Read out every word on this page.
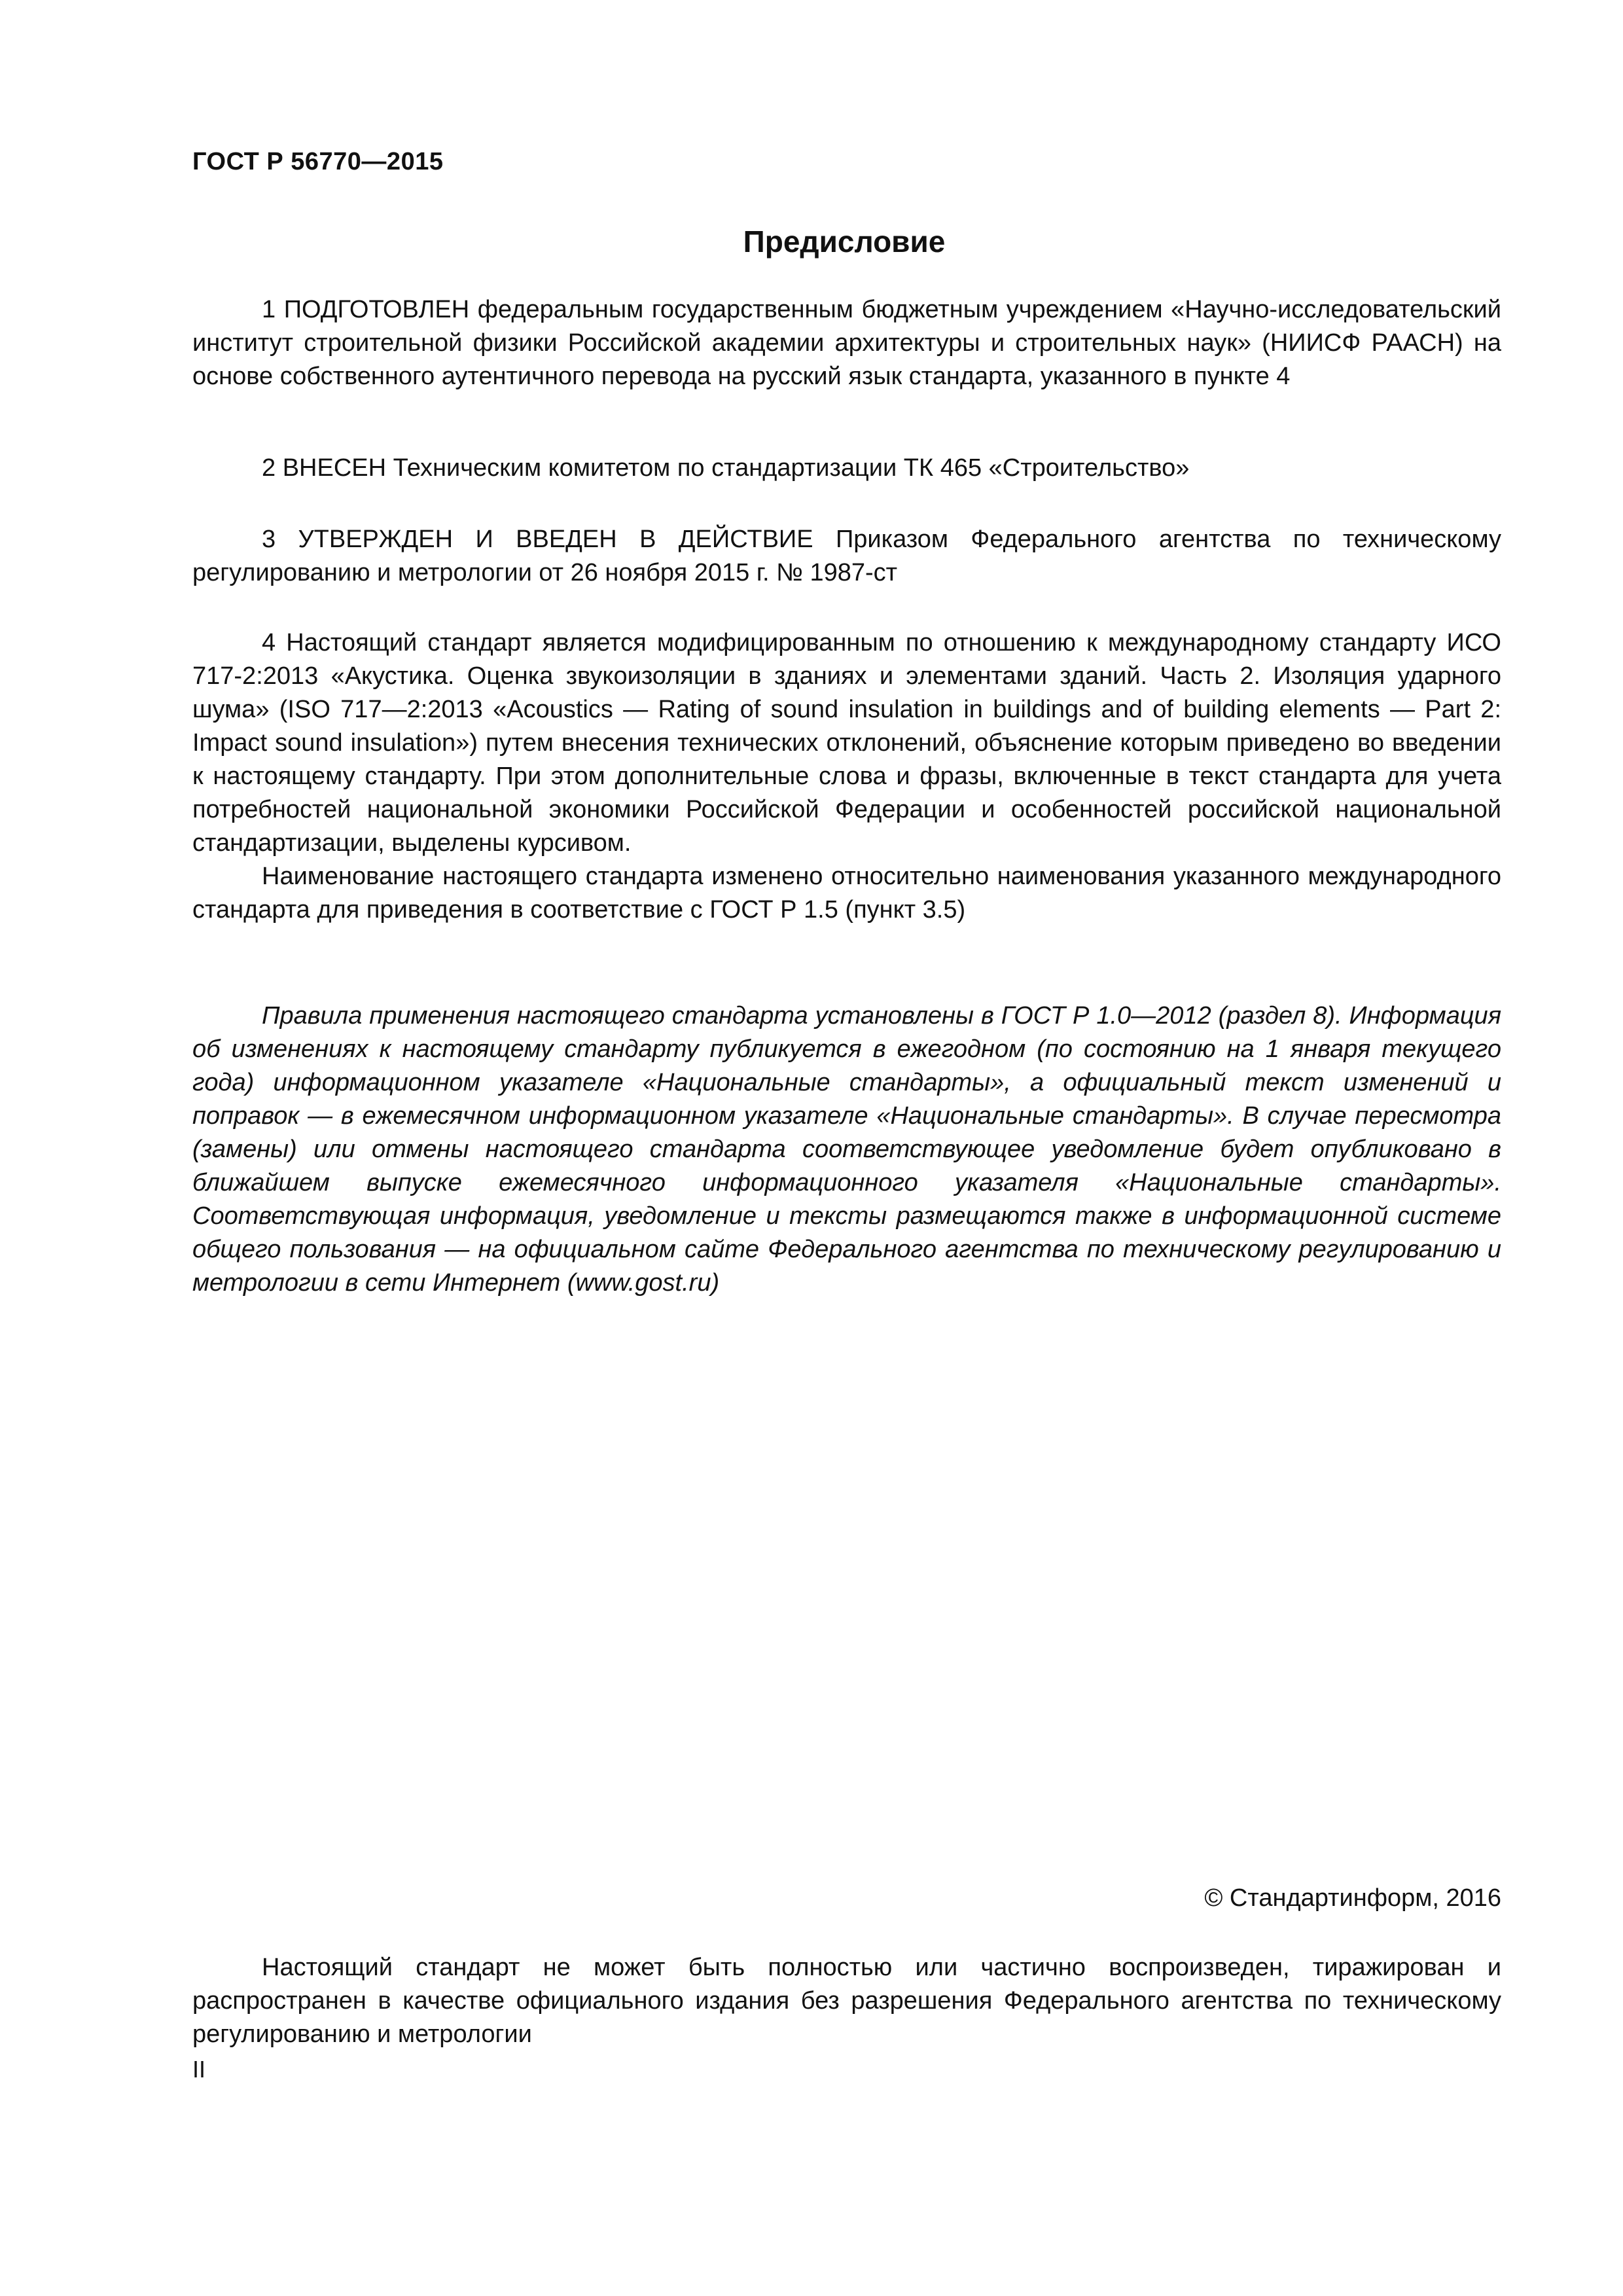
ГОСТ Р 56770—2015
Предисловие

1 ПОДГОТОВЛЕН федеральным государственным бюджетным учреждением «Научно-исследовательский институт строительной физики Российской академии архитектуры и строительных наук» (НИИСФ РААСН) на основе собственного аутентичного перевода на русский язык стандарта, указанного в пункте 4

2 ВНЕСЕН Техническим комитетом по стандартизации ТК 465 «Строительство»

3 УТВЕРЖДЕН И ВВЕДЕН В ДЕЙСТВИЕ Приказом Федерального агентства по техническому регулированию и метрологии от 26 ноября 2015 г. № 1987-ст

4 Настоящий стандарт является модифицированным по отношению к международному стандарту ИСО 717-2:2013 «Акустика. Оценка звукоизоляции в зданиях и элементами зданий. Часть 2. Изоляция ударного шума» (ISO 717—2:2013 «Acoustics — Rating of sound insulation in buildings and of building elements — Part 2: Impact sound insulation») путем внесения технических отклонений, объяснение которым приведено во введении к настоящему стандарту. При этом дополнительные слова и фразы, включенные в текст стандарта для учета потребностей национальной экономики Российской Федерации и особенностей российской национальной стандартизации, выделены курсивом.

Наименование настоящего стандарта изменено относительно наименования указанного международного стандарта для приведения в соответствие с ГОСТ Р 1.5 (пункт 3.5)

Правила применения настоящего стандарта установлены в ГОСТ Р 1.0—2012 (раздел 8). Информация об изменениях к настоящему стандарту публикуется в ежегодном (по состоянию на 1 января текущего года) информационном указателе «Национальные стандарты», а официальный текст изменений и поправок — в ежемесячном информационном указателе «Национальные стандарты». В случае пересмотра (замены) или отмены настоящего стандарта соответствующее уведомление будет опубликовано в ближайшем выпуске ежемесячного информационного указателя «Национальные стандарты». Соответствующая информация, уведомление и тексты размещаются также в информационной системе общего пользования — на официальном сайте Федерального агентства по техническому регулированию и метрологии в сети Интернет (www.gost.ru)

© Стандартинформ, 2016

Настоящий стандарт не может быть полностью или частично воспроизведен, тиражирован и распространен в качестве официального издания без разрешения Федерального агентства по техническому регулированию и метрологии

II
